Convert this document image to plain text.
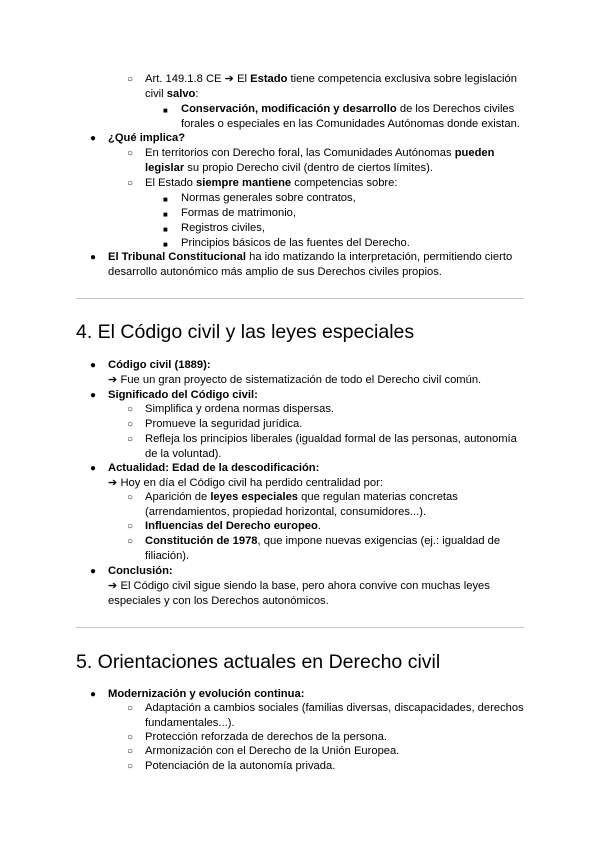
○ Art. 149.1.8 CE ➔ El Estado tiene competencia exclusiva sobre legislación
civil salvo:
■ Conservación, modificación y desarrollo de los Derechos civiles
forales o especiales en las Comunidades Autónomas donde existan.
● ¿Qué implica?
○ En territorios con Derecho foral, las Comunidades Autónomas pueden
legislar su propio Derecho civil (dentro de ciertos límites).
○ El Estado siempre mantiene competencias sobre:
■ Normas generales sobre contratos,
■ Formas de matrimonio,
■ Registros civiles,
■ Principios básicos de las fuentes del Derecho.
● El Tribunal Constitucional ha ido matizando la interpretación, permitiendo cierto
desarrollo autonómico más amplio de sus Derechos civiles propios.
4. El Código civil y las leyes especiales
● Código civil (1889):
➔ Fue un gran proyecto de sistematización de todo el Derecho civil común.
● Significado del Código civil:
○ Simplifica y ordena normas dispersas.
○ Promueve la seguridad jurídica.
○ Refleja los principios liberales (igualdad formal de las personas, autonomía
de la voluntad).
● Actualidad: Edad de la descodificación:
➔ Hoy en día el Código civil ha perdido centralidad por:
○ Aparición de leyes especiales que regulan materias concretas
(arrendamientos, propiedad horizontal, consumidores...).
○ Influencias del Derecho europeo.
○ Constitución de 1978, que impone nuevas exigencias (ej.: igualdad de
filiación).
● Conclusión:
➔ El Código civil sigue siendo la base, pero ahora convive con muchas leyes
especiales y con los Derechos autonómicos.
5. Orientaciones actuales en Derecho civil
● Modernización y evolución continua:
○ Adaptación a cambios sociales (familias diversas, discapacidades, derechos
fundamentales...).
○ Protección reforzada de derechos de la persona.
○ Armonización con el Derecho de la Unión Europea.
○ Potenciación de la autonomía privada.
